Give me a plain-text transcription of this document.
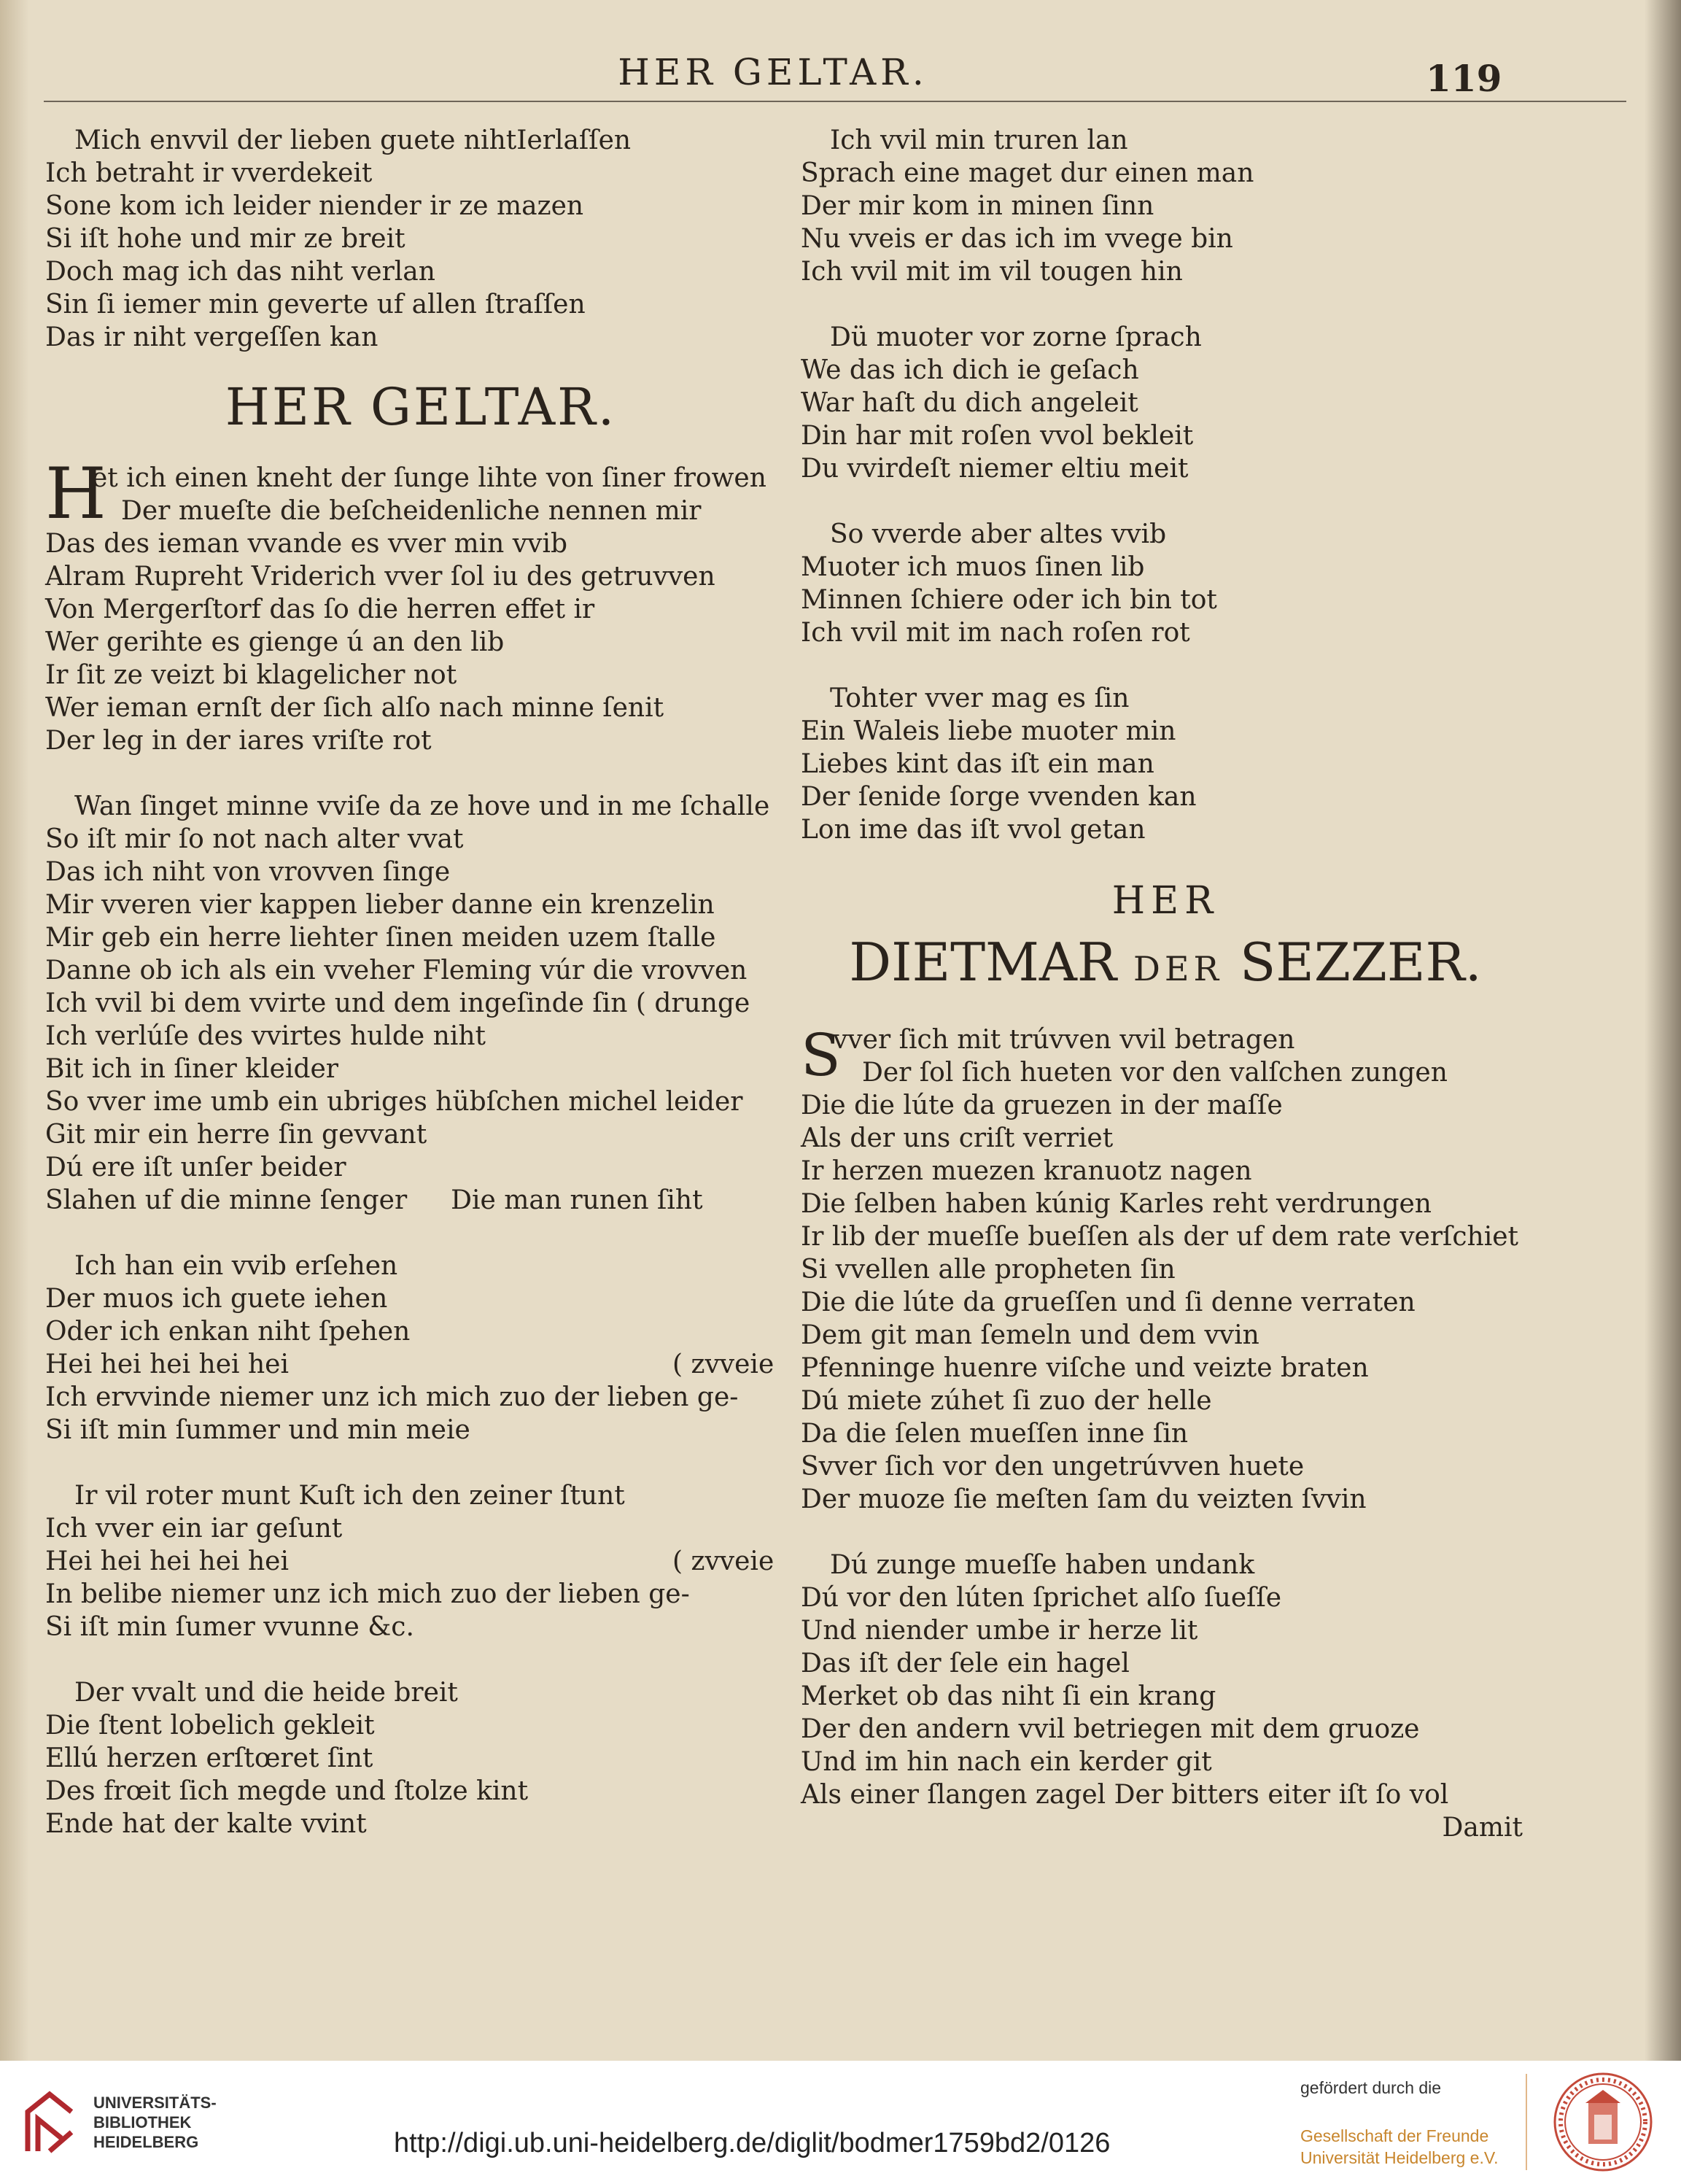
HER GELTAR.	119
Mich envvil der lieben guete nihtIerlaſſen
Ich betraht ir vverdekeit
Sone kom ich leider niender ir ze mazen
Si iſt hohe und mir ze breit
Doch mag ich das niht verlan
Sin ſi iemer min geverte uf allen ſtraſſen
Das ir niht vergeſſen kan
HER GELTAR.
H
et ich einen kneht der ſunge lihte von ſiner frowen
Der mueſte die beſcheidenliche nennen mir
Das des ieman vvande es vver min vvib
Alram Rupreht Vriderich vver ſol iu des getruvven
Von Mergerſtorf das ſo die herren effet ir
Wer gerihte es gienge ú an den lib
Ir ſit ze veizt bi klagelicher not
Wer ieman ernſt der ſich alſo nach minne ſenit
Der leg in der iares vriſte rot
Wan ſinget minne vviſe da ze hove und in me ſchalle
So iſt mir ſo not nach alter vvat
Das ich niht von vrovven ſinge
Mir vveren vier kappen lieber danne ein krenzelin
Mir geb ein herre liehter ſinen meiden uzem ſtalle
Danne ob ich als ein vveher Fleming vúr die vrovven
Ich vvil bi dem vvirte und dem ingeſinde ſin ( drunge
Ich verlúſe des vvirtes hulde niht
Bit ich in ſiner kleider
So vver ime umb ein ubriges hübſchen michel leider
Git mir ein herre ſin gevvant
Dú ere iſt unſer beider
Slahen uf die minne ſenger Die man runen ſiht
Ich han ein vvib erſehen
Der muos ich guete iehen
Oder ich enkan niht ſpehen
Hei hei hei hei hei	( zvveie
Ich ervvinde niemer unz ich mich zuo der lieben ge-
Si iſt min ſummer und min meie
Ir vil roter munt Kuſt ich den zeiner ſtunt
Ich vver ein iar geſunt
Hei hei hei hei hei	( zvveie
In belibe niemer unz ich mich zuo der lieben ge-
Si iſt min ſumer vvunne &c.
Der vvalt und die heide breit
Die ſtent lobelich gekleit
Ellú herzen erſtœret ſint
Des frœit ſich megde und ſtolze kint
Ende hat der kalte vvint
Ich vvil min truren lan
Sprach eine maget dur einen man
Der mir kom in minen ſinn
Nu vveis er das ich im vvege bin
Ich vvil mit im vil tougen hin
Dü muoter vor zorne ſprach
We das ich dich ie geſach
War haſt du dich angeleit
Din har mit roſen vvol bekleit
Du vvirdeſt niemer eltiu meit
So vverde aber altes vvib
Muoter ich muos ſinen lib
Minnen ſchiere oder ich bin tot
Ich vvil mit im nach roſen rot
Tohter vver mag es ſin
Ein Waleis liebe muoter min
Liebes kint das iſt ein man
Der ſenide ſorge vvenden kan
Lon ime das iſt vvol getan
HER
DIETMAR DER SEZZER.
S
vver ſich mit trúvven vvil betragen
Der ſol ſich hueten vor den valſchen zungen
Die die lúte da gruezen in der maſſe
Als der uns criſt verriet
Ir herzen muezen kranuotz nagen
Die ſelben haben kúnig Karles reht verdrungen
Ir lib der mueſſe bueſſen als der uf dem rate verſchiet
Si vvellen alle propheten ſin
Die die lúte da grueſſen und ſi denne verraten
Dem git man ſemeln und dem vvin
Pfenninge huenre viſche und veizte braten
Dú miete zúhet ſi zuo der helle
Da die ſelen mueſſen inne ſin
Svver ſich vor den ungetrúvven huete
Der muoze ſie meſten ſam du veizten ſvvin
Dú zunge mueſſe haben undank
Dú vor den lúten ſprichet alſo ſueſſe
Und niender umbe ir herze lit
Das iſt der ſele ein hagel
Merket ob das niht ſi ein krang
Der den andern vvil betriegen mit dem gruoze
Und im hin nach ein kerder git
Als einer ſlangen zagel Der bitters eiter iſt ſo vol
Damit
UNIVERSITÄTS-
BIBLIOTHEK
HEIDELBERG	http://digi.ub.uni-heidelberg.de/diglit/bodmer1759bd2/0126
gefördert durch die
Gesellschaft der Freunde
Universität Heidelberg e.V.
